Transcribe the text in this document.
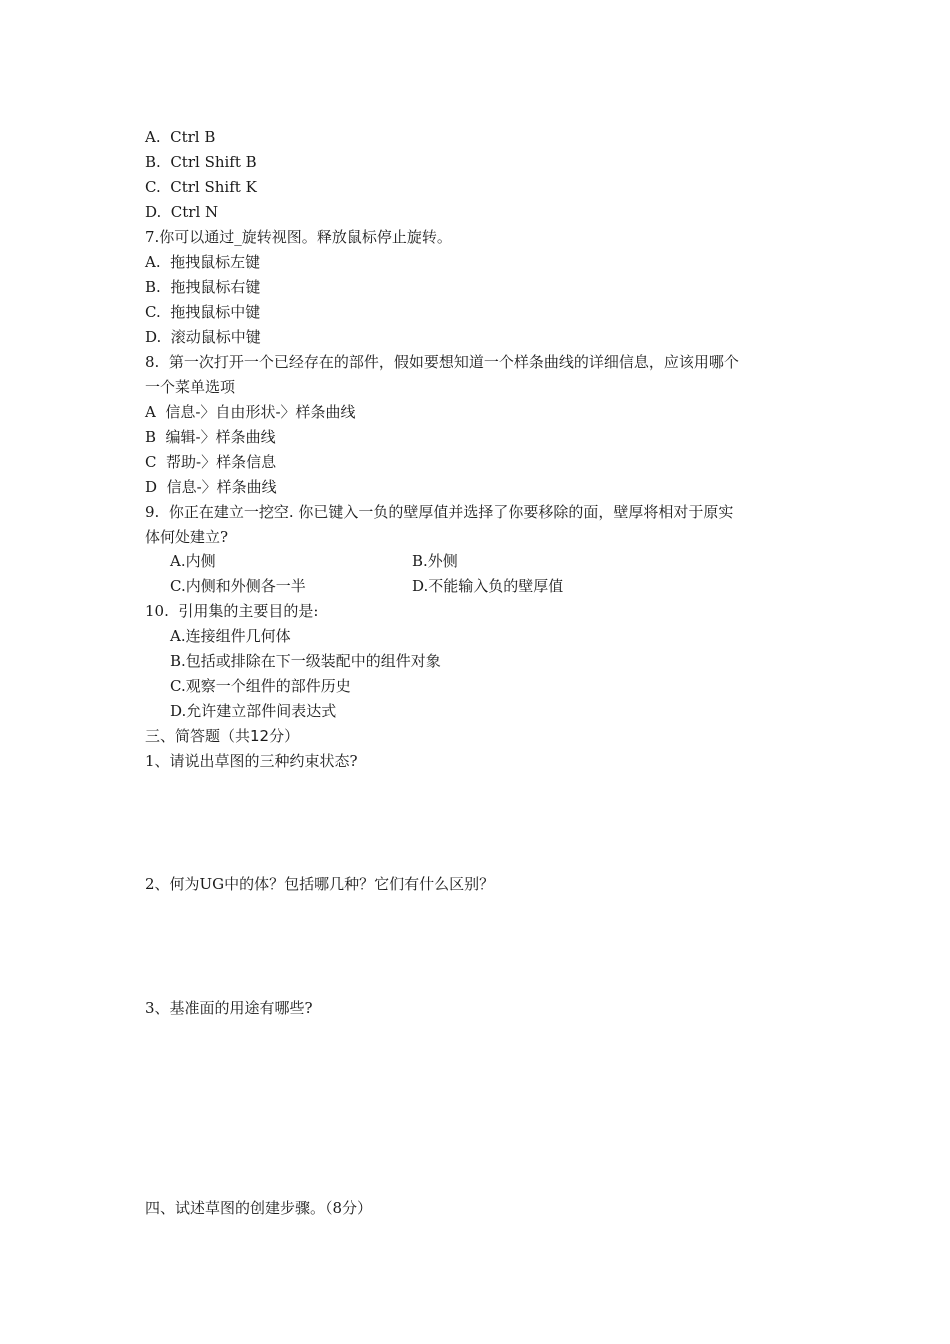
A.  Ctrl B
B.  Ctrl Shift B
C.  Ctrl Shift K
D.  Ctrl N
7.你可以通过_旋转视图。释放鼠标停止旋转。
A.  拖拽鼠标左键
B.  拖拽鼠标右键
C.  拖拽鼠标中键
D.  滚动鼠标中键
8.  第一次打开一个已经存在的部件，假如要想知道一个样条曲线的详细信息，应该用哪个
一个菜单选项
A  信息-〉自由形状-〉样条曲线
B  编辑-〉样条曲线
C  帮助-〉样条信息
D  信息-〉样条曲线
9.  你正在建立一挖空. 你已键入一负的壁厚值并选择了你要移除的面，壁厚将相对于原实
体何处建立?
A.内侧	B.外侧
C.内侧和外侧各一半	D.不能输入负的壁厚值
10.  引用集的主要目的是:
A.连接组件几何体
B.包括或排除在下一级装配中的组件对象
C.观察一个组件的部件历史
D.允许建立部件间表达式
三、简答题（共12分）
1、请说出草图的三种约束状态?
2、何为UG中的体？包括哪几种？它们有什么区别？
3、基准面的用途有哪些?
四、试述草图的创建步骤。（8分）
